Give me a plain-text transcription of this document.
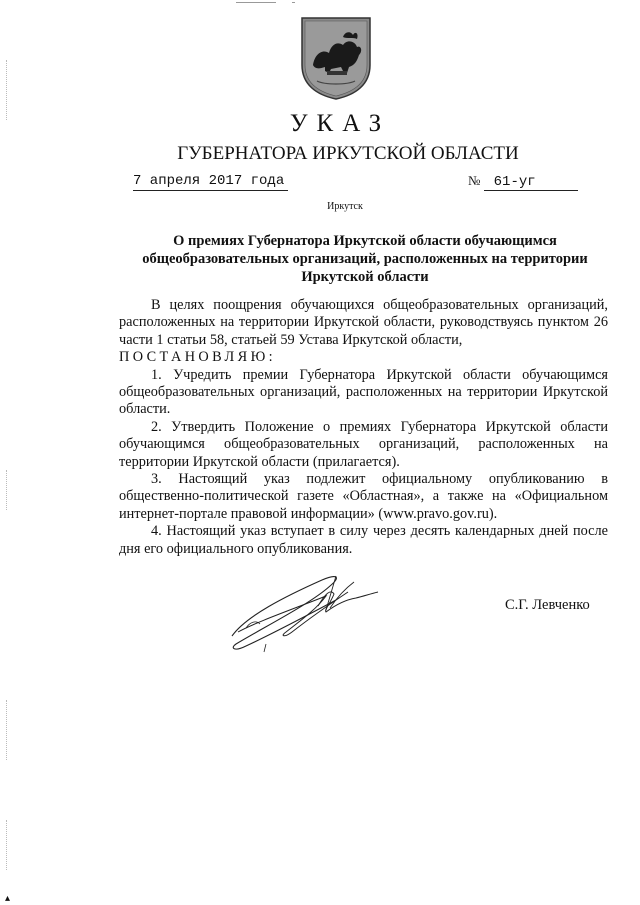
УКАЗ
ГУБЕРНАТОРА ИРКУТСКОЙ ОБЛАСТИ
7 апреля 2017 года	№ 61-уг
Иркутск
О премиях Губернатора Иркутской области обучающимся
общеобразовательных организаций, расположенных на территории
Иркутской области

В целях поощрения обучающихся общеобразовательных организаций, расположенных на территории Иркутской области, руководствуясь пунктом 26 части 1 статьи 58, статьей 59 Устава Иркутской области,

ПОСТАНОВЛЯЮ:

1. Учредить премии Губернатора Иркутской области обучающимся общеобразовательных организаций, расположенных на территории Иркутской области.

2. Утвердить Положение о премиях Губернатора Иркутской области обучающимся общеобразовательных организаций, расположенных на территории Иркутской области (прилагается).

3. Настоящий указ подлежит официальному опубликованию в общественно-политической газете «Областная», а также на «Официальном интернет-портале правовой информации» (www.pravo.gov.ru).

4. Настоящий указ вступает в силу через десять календарных дней после дня его официального опубликования.

С.Г. Левченко
▴
